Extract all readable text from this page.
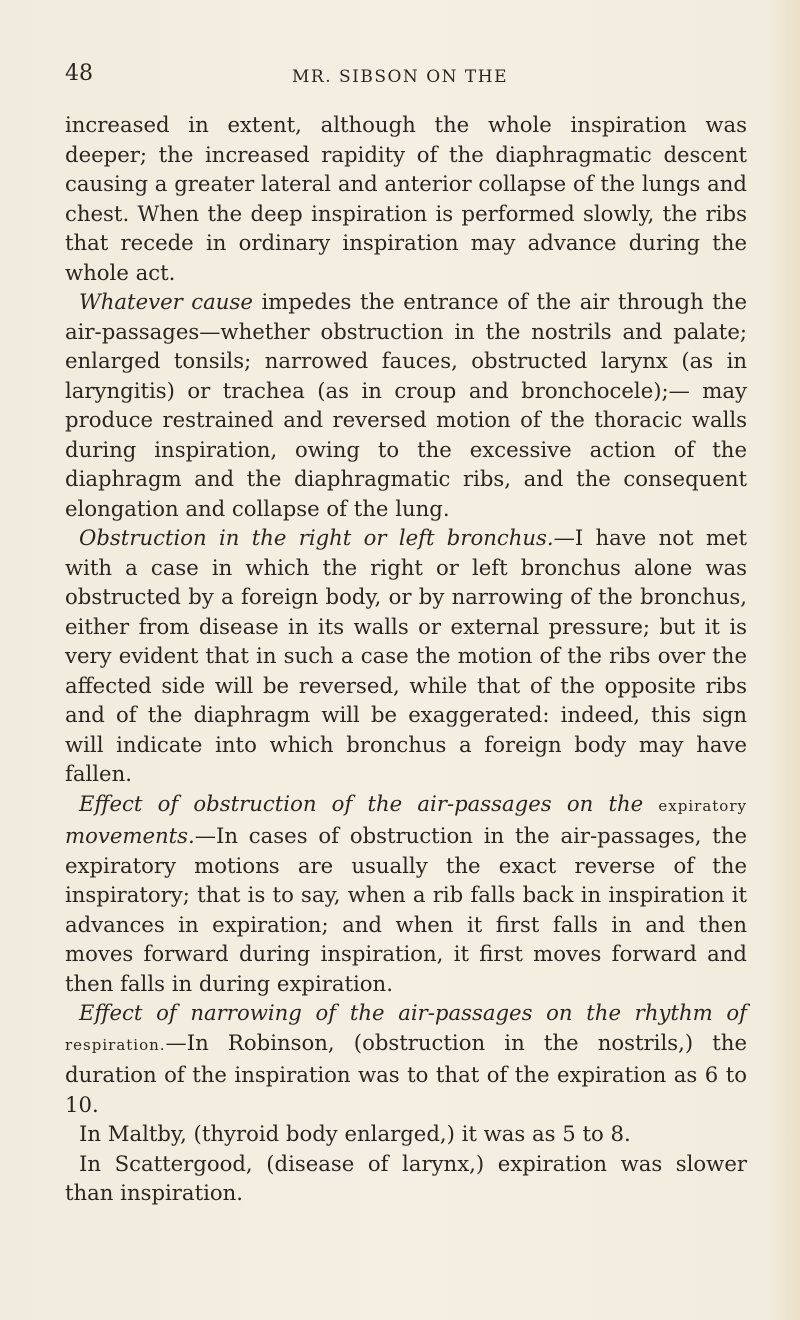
48	MR. SIBSON ON THE

increased in extent, although the whole inspiration was deeper; the increased rapidity of the diaphragmatic descent causing a greater lateral and anterior collapse of the lungs and chest. When the deep inspiration is performed slowly, the ribs that recede in ordinary inspiration may advance during the whole act.

Whatever cause impedes the entrance of the air through the air-passages—whether obstruction in the nostrils and palate; enlarged tonsils; narrowed fauces, obstructed larynx (as in laryngitis) or trachea (as in croup and bronchocele);— may produce restrained and reversed motion of the thoracic walls during inspiration, owing to the excessive action of the diaphragm and the diaphragmatic ribs, and the consequent elongation and collapse of the lung.

Obstruction in the right or left bronchus.—I have not met with a case in which the right or left bronchus alone was obstructed by a foreign body, or by narrowing of the bronchus, either from disease in its walls or external pressure; but it is very evident that in such a case the motion of the ribs over the affected side will be reversed, while that of the opposite ribs and of the diaphragm will be exaggerated: indeed, this sign will indicate into which bronchus a foreign body may have fallen.

Effect of obstruction of the air-passages on the expiratory movements.—In cases of obstruction in the air-passages, the expiratory motions are usually the exact reverse of the inspiratory; that is to say, when a rib falls back in inspiration it advances in expiration; and when it first falls in and then moves forward during inspiration, it first moves forward and then falls in during expiration.

Effect of narrowing of the air-passages on the rhythm of respiration.—In Robinson, (obstruction in the nostrils,) the duration of the inspiration was to that of the expiration as 6 to 10.

In Maltby, (thyroid body enlarged,) it was as 5 to 8.

In Scattergood, (disease of larynx,) expiration was slower than inspiration.
